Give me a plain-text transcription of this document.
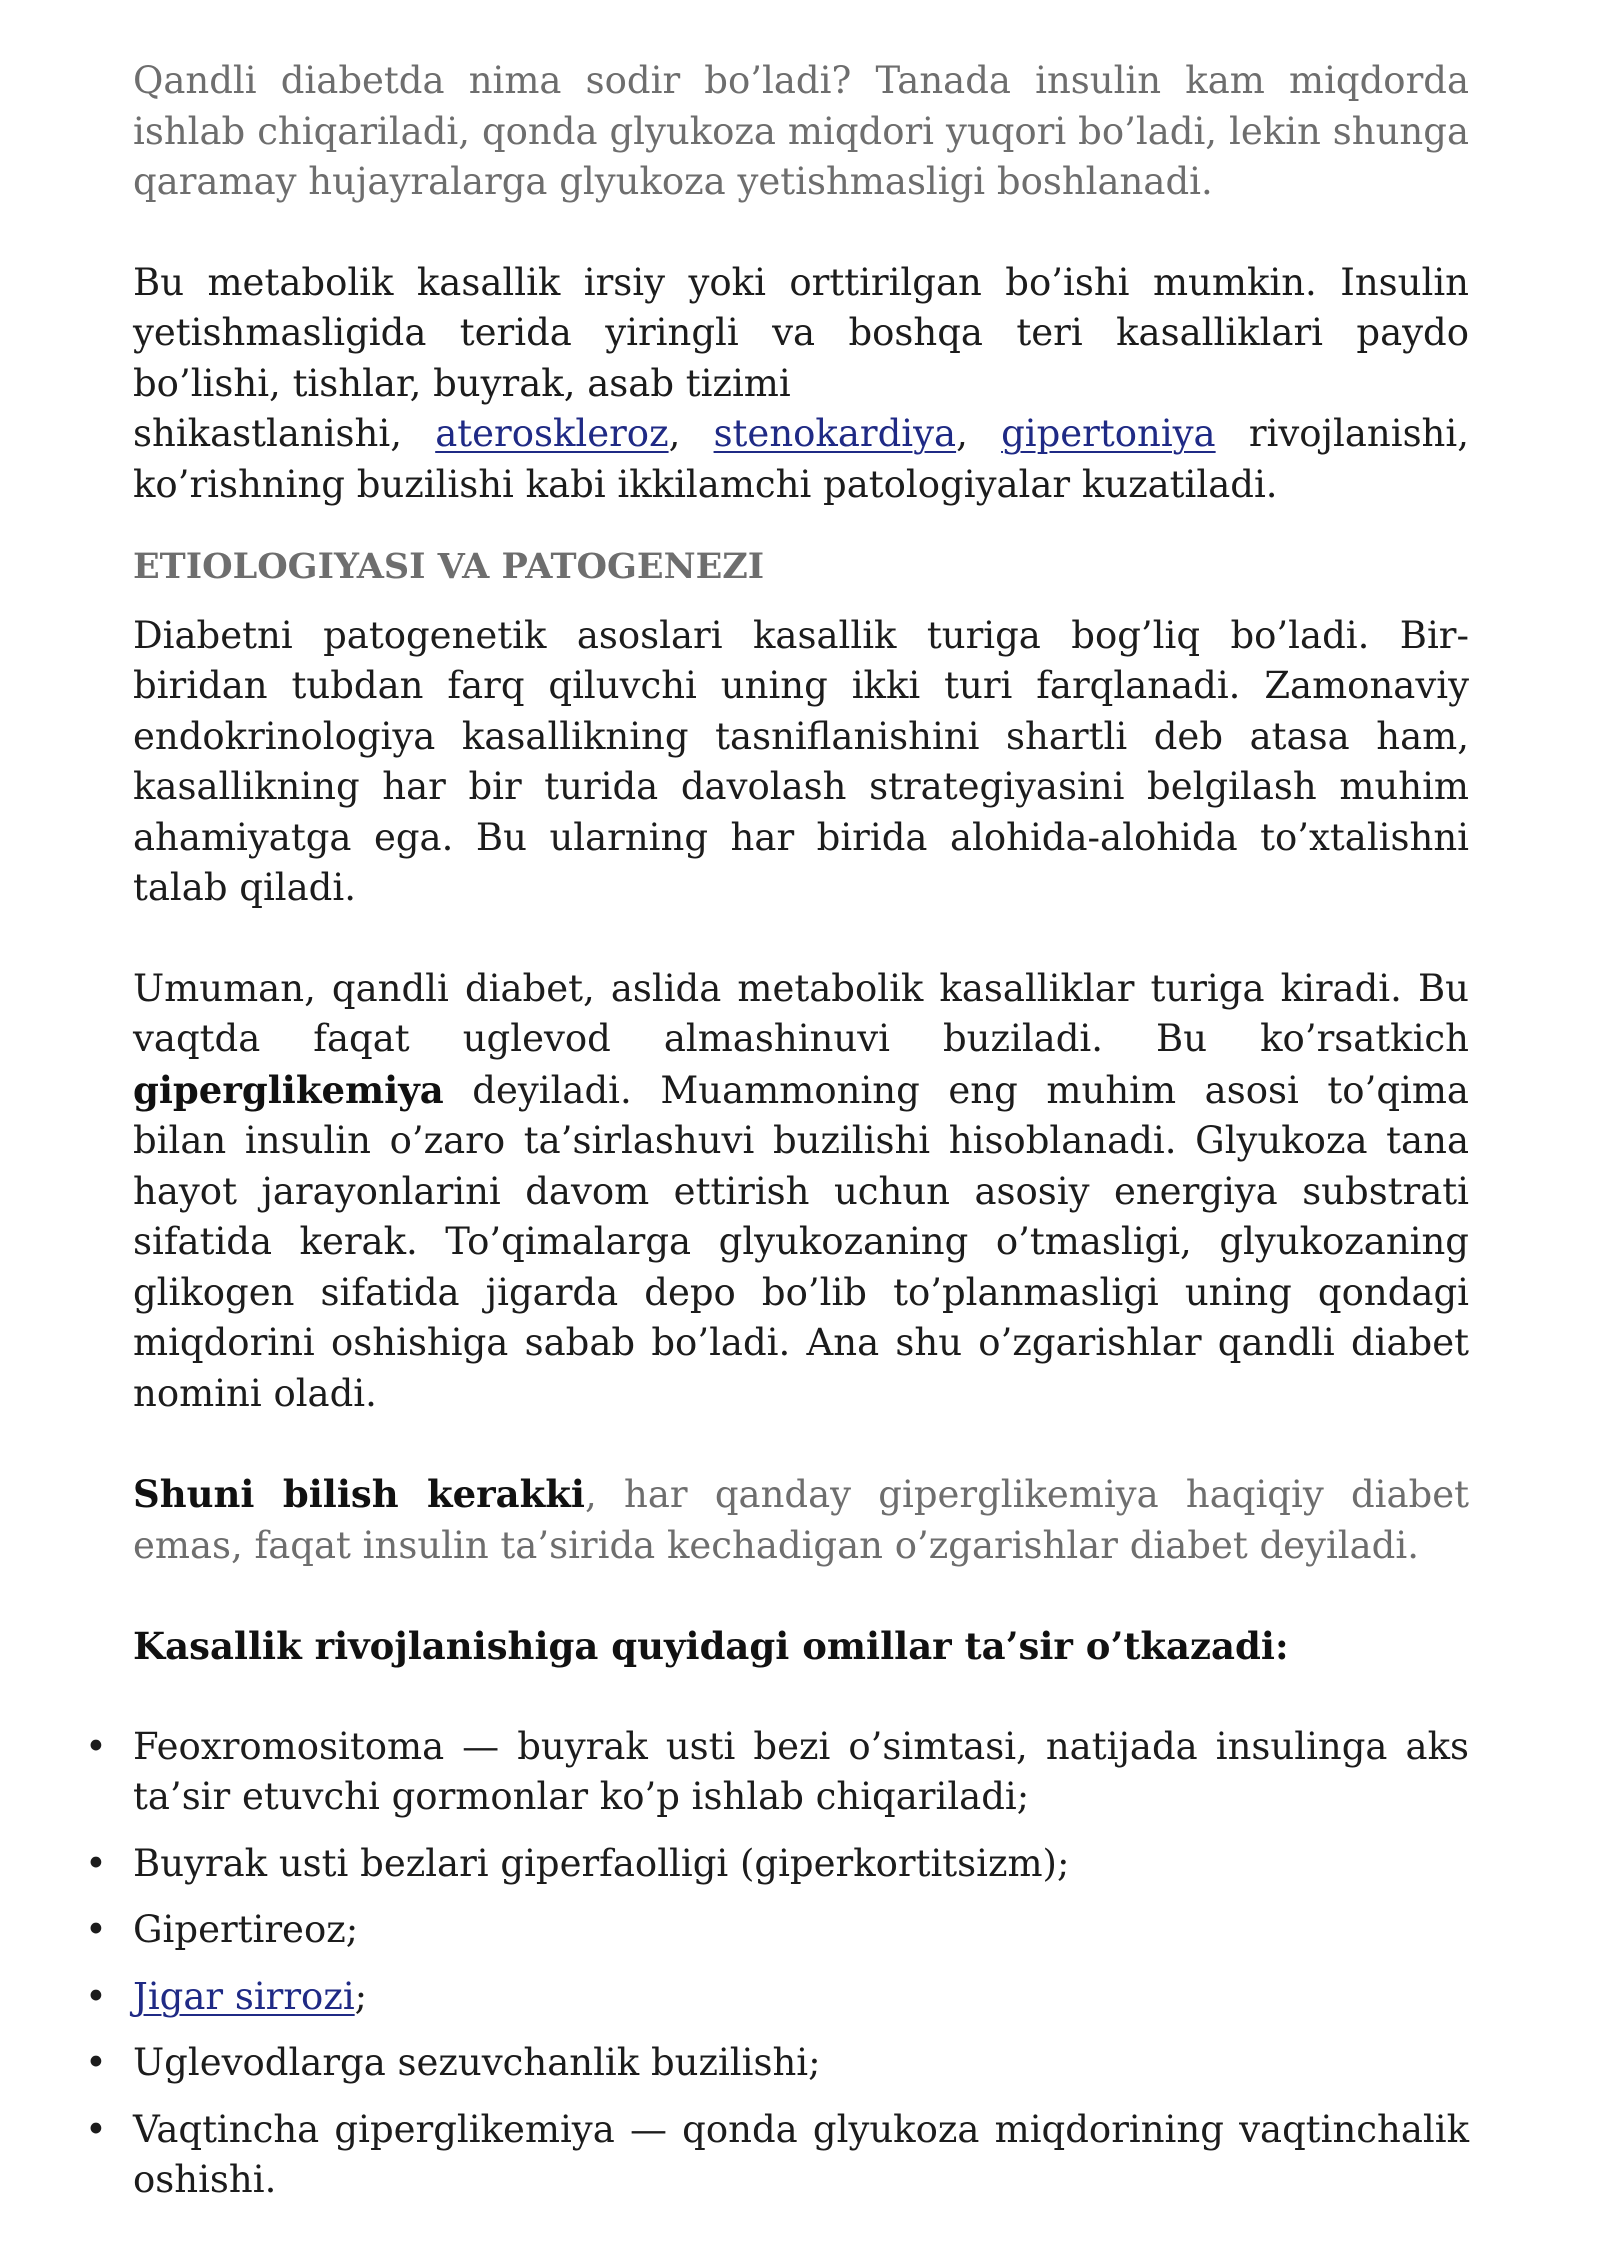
Qandli diabetda nima sodir bo’ladi? Tanada insulin kam miqdorda ishlab chiqariladi, qonda glyukoza miqdori yuqori bo’ladi, lekin shunga qaramay hujayralarga glyukoza yetishmasligi boshlanadi.

Bu metabolik kasallik irsiy yoki orttirilgan bo’ishi mumkin. Insulin yetishmasligida terida yiringli va boshqa teri kasalliklari paydo bo’lishi, tishlar, buyrak, asab tizimi
shikastlanishi, ateroskleroz, stenokardiya, gipertoniya rivojlanishi, ko’rishning buzilishi kabi ikkilamchi patologiyalar kuzatiladi.

ETIOLOGIYASI VA PATOGENEZI

Diabetni patogenetik asoslari kasallik turiga bog’liq bo’ladi. Bir-biridan tubdan farq qiluvchi uning ikki turi farqlanadi. Zamonaviy endokrinologiya kasallikning tasniflanishini shartli deb atasa ham, kasallikning har bir turida davolash strategiyasini belgilash muhim ahamiyatga ega. Bu ularning har birida alohida-alohida to’xtalishni talab qiladi.

Umuman, qandli diabet, aslida metabolik kasalliklar turiga kiradi. Bu vaqtda faqat uglevod almashinuvi buziladi. Bu ko’rsatkich giperglikemiya deyiladi. Muammoning eng muhim asosi to’qima bilan insulin o’zaro ta’sirlashuvi buzilishi hisoblanadi. Glyukoza tana hayot jarayonlarini davom ettirish uchun asosiy energiya substrati sifatida kerak. To’qimalarga glyukozaning o’tmasligi, glyukozaning glikogen sifatida jigarda depo bo’lib to’planmasligi uning qondagi miqdorini oshishiga sabab bo’ladi. Ana shu o’zgarishlar qandli diabet nomini oladi.

Shuni bilish kerakki, har qanday giperglikemiya haqiqiy diabet emas, faqat insulin ta’sirida kechadigan o’zgarishlar diabet deyiladi.

Kasallik rivojlanishiga quyidagi omillar ta’sir o’tkazadi:
• Feoxromositoma — buyrak usti bezi o’simtasi, natijada insulinga aks ta’sir etuvchi gormonlar ko’p ishlab chiqariladi;
• Buyrak usti bezlari giperfaolligi (giperkortitsizm);
• Gipertireoz;
• Jigar sirrozi;
• Uglevodlarga sezuvchanlik buzilishi;
• Vaqtincha giperglikemiya — qonda glyukoza miqdorining vaqtinchalik oshishi.
